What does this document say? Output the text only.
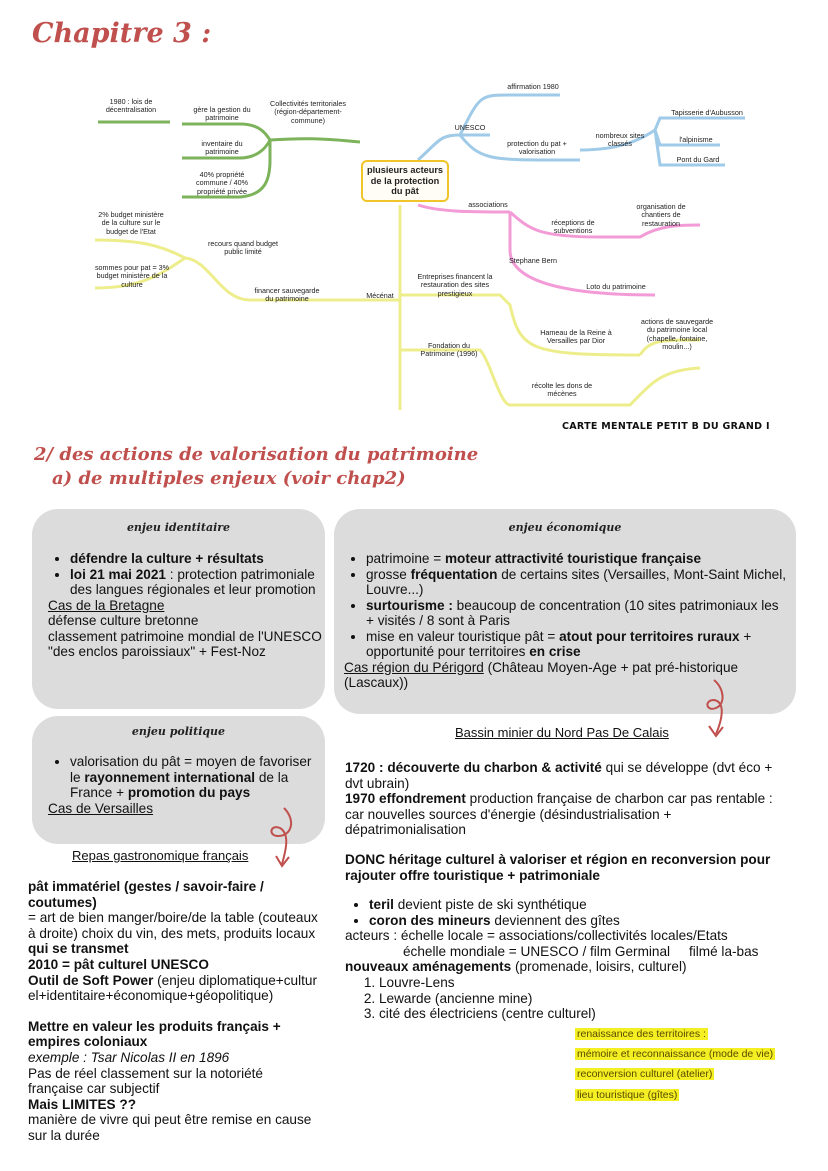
Chapitre 3 :
plusieurs acteurs de la protection du pât
Collectivités territoriales (région-département-commune)
1980 : lois de décentralisation	gère la gestion du patrimoine
inventaire du patrimoine
40% propriété commune / 40% propriété privée
UNESCO
affirmation 1980
protection du pat + valorisation
nombreux sites classés
Tapisserie d'Aubusson
l'alpinisme
Pont du Gard
associations
réceptions de subventions
organisation de chantiers de restauration
Stephane Bern
Loto du patrimoine
Mécénat
financer sauvegarde du patrimoine
recours quand budget public limité
2% budget ministère de la culture sur le budget de l'Etat
sommes pour pat = 3% budget ministère de la culture
Entreprises financent la restauration des sites prestigieux
Hameau de la Reine à Versailles par Dior
Fondation du Patrimoine (1996)
actions de sauvegarde du patrimoine local (chapelle, fontaine, moulin...)
récolte les dons de mécènes
CARTE MENTALE PETIT B DU GRAND I
2/ des actions de valorisation du patrimoine
a) de multiples enjeux (voir chap2)
enjeu identitaire
• défendre la culture + résultats
• loi 21 mai 2021 : protection patrimoniale des langues régionales et leur promotion
Cas de la Bretagne
défense culture bretonne
classement patrimoine mondial de l'UNESCO "des enclos paroissiaux" + Fest-Noz
enjeu économique
• patrimoine = moteur attractivité touristique française
• grosse fréquentation de certains sites (Versailles, Mont-Saint Michel, Louvre...)
• surtourisme : beaucoup de concentration (10 sites patrimoniaux les + visités / 8 sont à Paris
• mise en valeur touristique pât = atout pour territoires ruraux + opportunité pour territoires en crise
Cas région du Périgord (Château Moyen-Age + pat pré-historique (Lascaux))
enjeu politique
• valorisation du pât = moyen de favoriser le rayonnement international de la France + promotion du pays
Cas de Versailles
Repas gastronomique français
pât immatériel (gestes / savoir-faire / coutumes)
= art de bien manger/boire/de la table (couteaux à droite) choix du vin, des mets, produits locaux
qui se transmet
2010 = pât culturel UNESCO
Outil de Soft Power (enjeu diplomatique+culturel+identitaire+économique+géopolitique)
Mettre en valeur les produits français + empires coloniaux
exemple : Tsar Nicolas II en 1896
Pas de réel classement sur la notoriété française car subjectif
Mais LIMITES ??
manière de vivre qui peut être remise en cause sur la durée
Bassin minier du Nord Pas De Calais
1720 : découverte du charbon & activité qui se développe (dvt éco + dvt ubrain)
1970 effondrement production française de charbon car pas rentable : car nouvelles sources d'énergie (désindustrialisation + dépatrimonialisation
DONC héritage culturel à valoriser et région en reconversion pour rajouter offre touristique + patrimoniale
• teril devient piste de ski synthétique
• coron des mineurs deviennent des gîtes
acteurs : échelle locale = associations/collectivités locales/Etats
échelle mondiale = UNESCO / film Germinal     filmé la-bas
nouveaux aménagements (promenade, loisirs, culturel)
1. Louvre-Lens
2. Lewarde (ancienne mine)
3. cité des électriciens (centre culturel)
renaissance des territoires :
mémoire et reconnaissance (mode de vie)
reconversion culturel (atelier)
lieu touristique (gîtes)
